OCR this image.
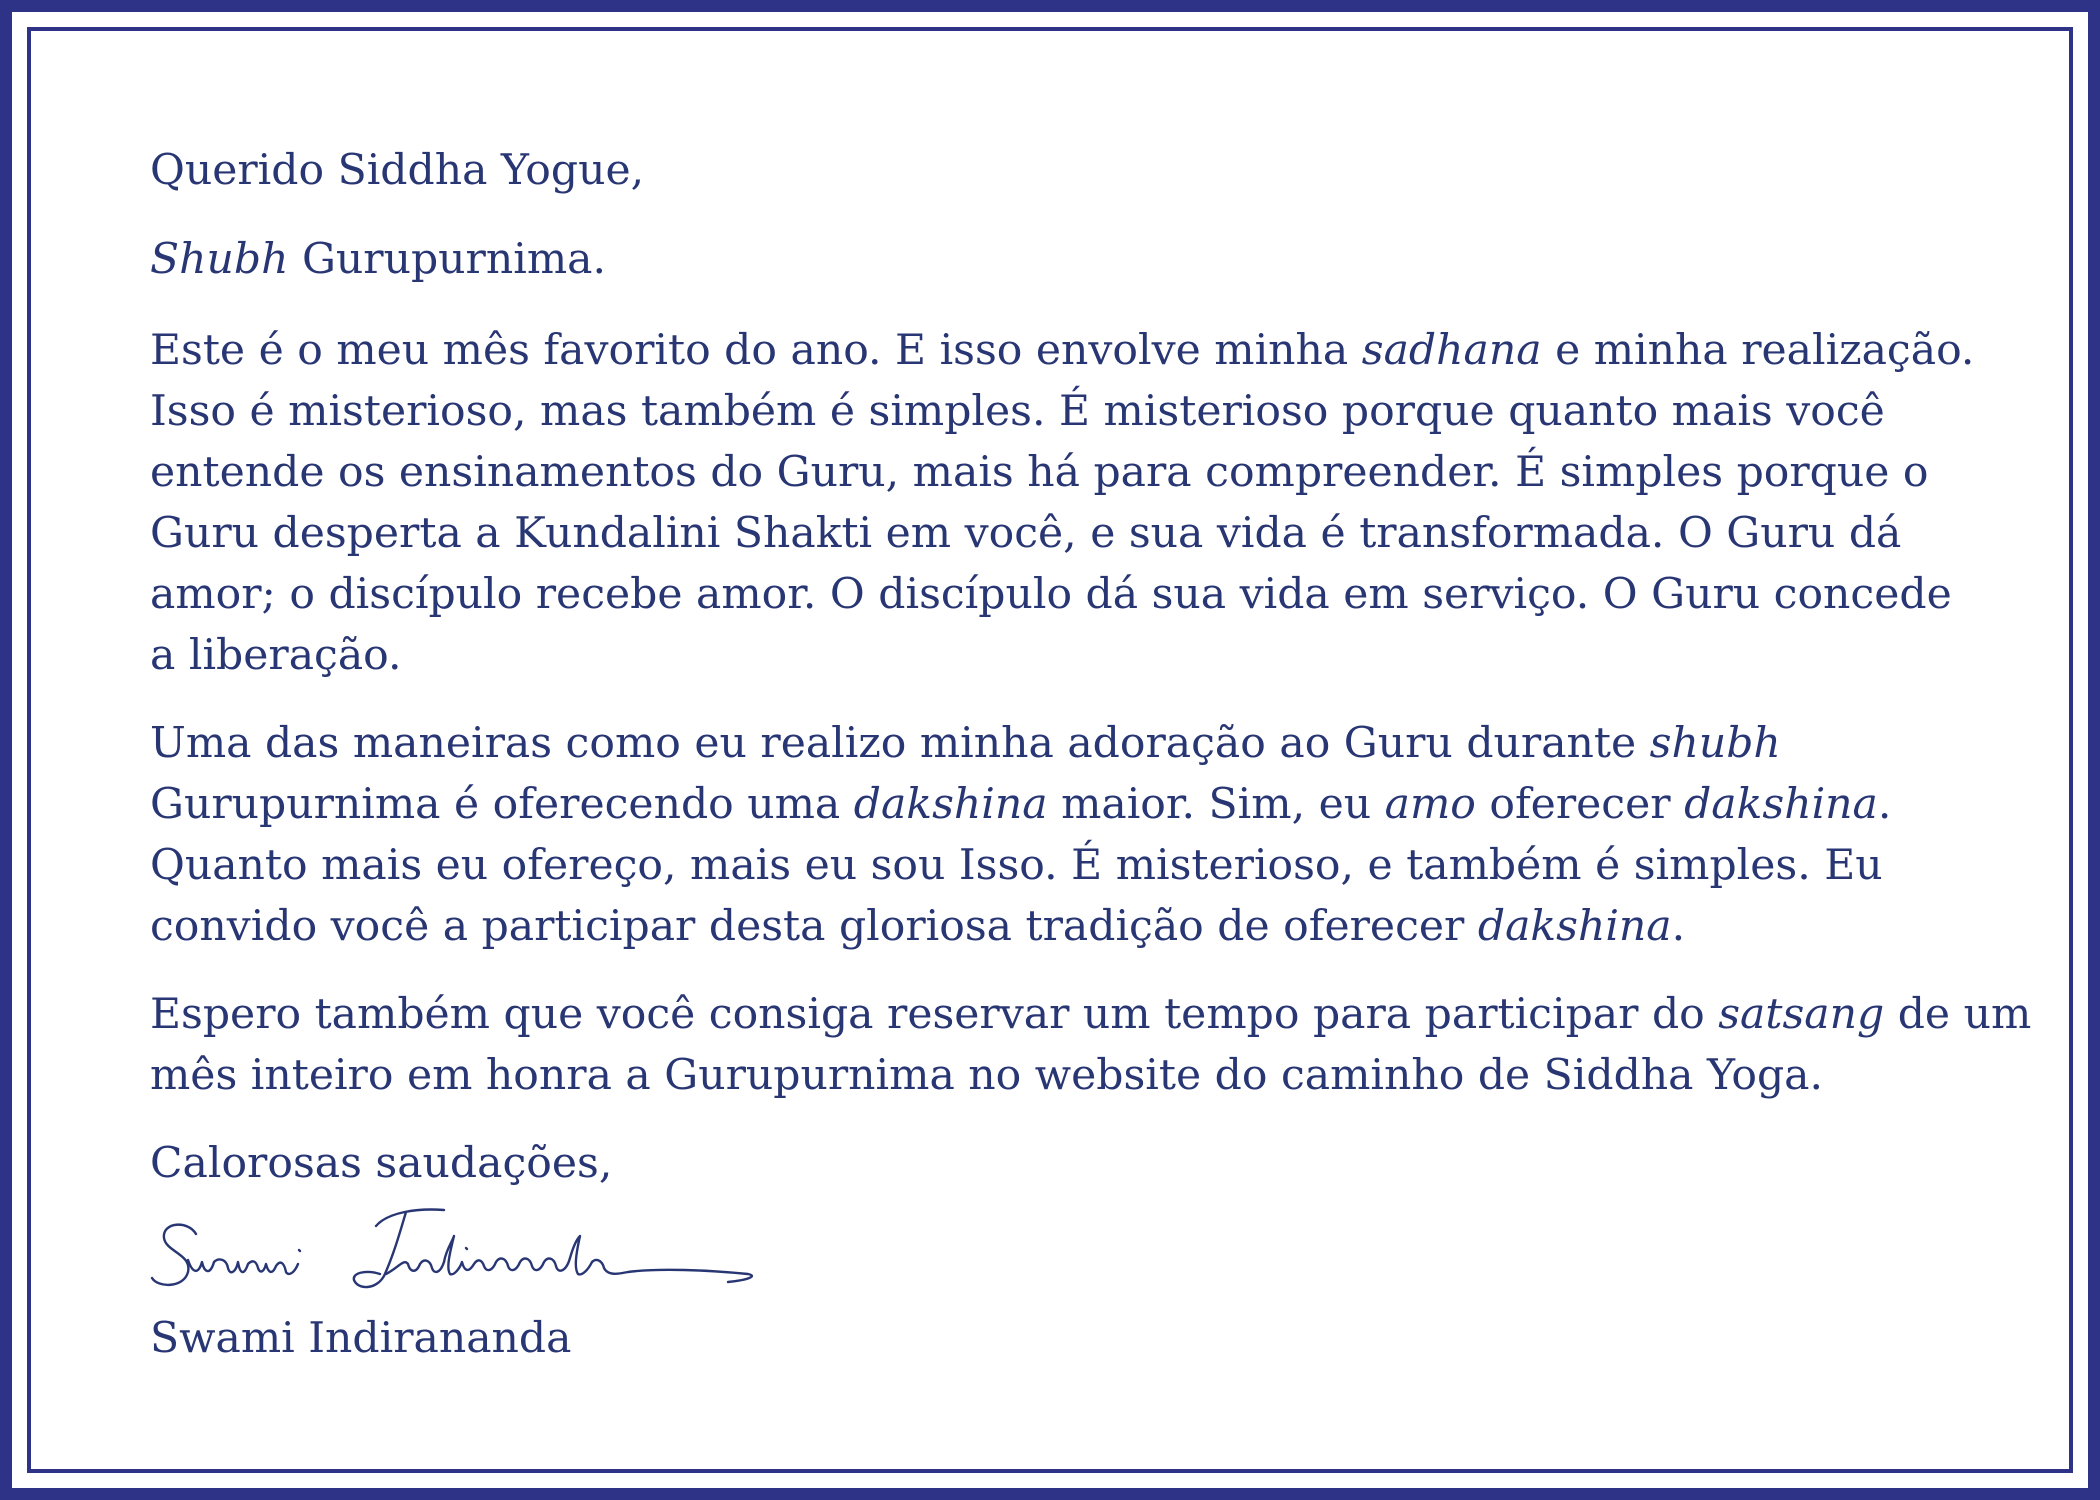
Querido Siddha Yogue,

Shubh Gurupurnima.

Este é o meu mês favorito do ano. E isso envolve minha sadhana e minha realização.
Isso é misterioso, mas também é simples. É misterioso porque quanto mais você
entende os ensinamentos do Guru, mais há para compreender. É simples porque o
Guru desperta a Kundalini Shakti em você, e sua vida é transformada. O Guru dá
amor; o discípulo recebe amor. O discípulo dá sua vida em serviço. O Guru concede
a liberação.

Uma das maneiras como eu realizo minha adoração ao Guru durante shubh
Gurupurnima é oferecendo uma dakshina maior. Sim, eu amo oferecer dakshina.
Quanto mais eu ofereço, mais eu sou Isso. É misterioso, e também é simples. Eu
convido você a participar desta gloriosa tradição de oferecer dakshina.

Espero também que você consiga reservar um tempo para participar do satsang de um
mês inteiro em honra a Gurupurnima no website do caminho de Siddha Yoga.

Calorosas saudações,

Swami Indirananda
